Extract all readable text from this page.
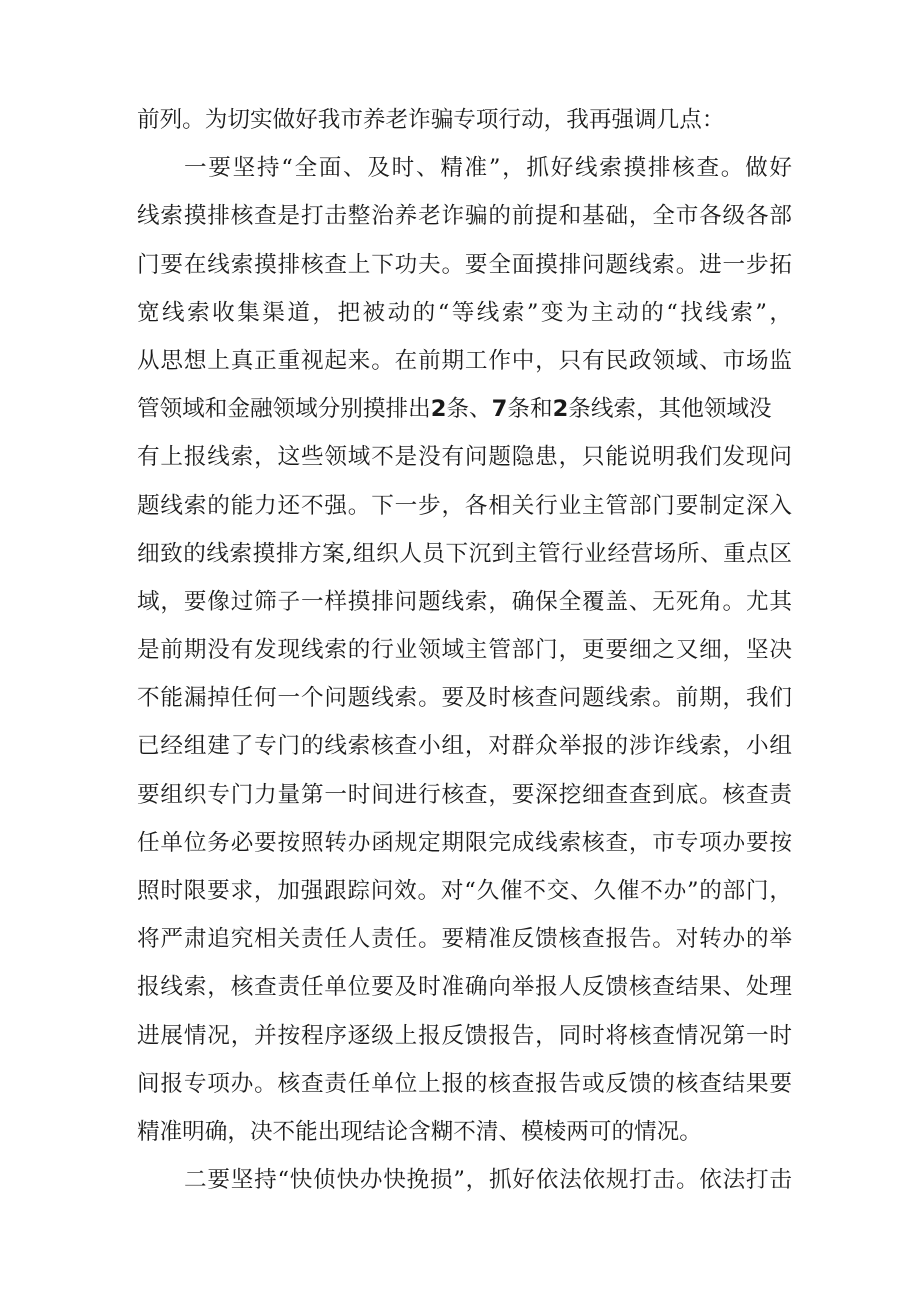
前列。为切实做好我市养老诈骗专项行动，我再强调几点：
一要坚持“全面、及时、精准”，抓好线索摸排核查。做好
线索摸排核查是打击整治养老诈骗的前提和基础，全市各级各部
门要在线索摸排核查上下功夫。要全面摸排问题线索。进一步拓
宽线索收集渠道，把被动的“等线索”变为主动的“找线索”，
从思想上真正重视起来。在前期工作中，只有民政领域、市场监
管领域和金融领域分别摸排出2条、7条和2条线索，其他领域没
有上报线索，这些领域不是没有问题隐患，只能说明我们发现问
题线索的能力还不强。下一步，各相关行业主管部门要制定深入
细致的线索摸排方案,组织人员下沉到主管行业经营场所、重点区
域，要像过筛子一样摸排问题线索，确保全覆盖、无死角。尤其
是前期没有发现线索的行业领域主管部门，更要细之又细，坚决
不能漏掉任何一个问题线索。要及时核查问题线索。前期，我们
已经组建了专门的线索核查小组，对群众举报的涉诈线索，小组
要组织专门力量第一时间进行核查，要深挖细查查到底。核查责
任单位务必要按照转办函规定期限完成线索核查，市专项办要按
照时限要求，加强跟踪问效。对“久催不交、久催不办”的部门，
将严肃追究相关责任人责任。要精准反馈核查报告。对转办的举
报线索，核查责任单位要及时准确向举报人反馈核查结果、处理
进展情况，并按程序逐级上报反馈报告，同时将核查情况第一时
间报专项办。核查责任单位上报的核查报告或反馈的核查结果要
精准明确，决不能出现结论含糊不清、模棱两可的情况。
二要坚持“快侦快办快挽损”，抓好依法依规打击。依法打击
